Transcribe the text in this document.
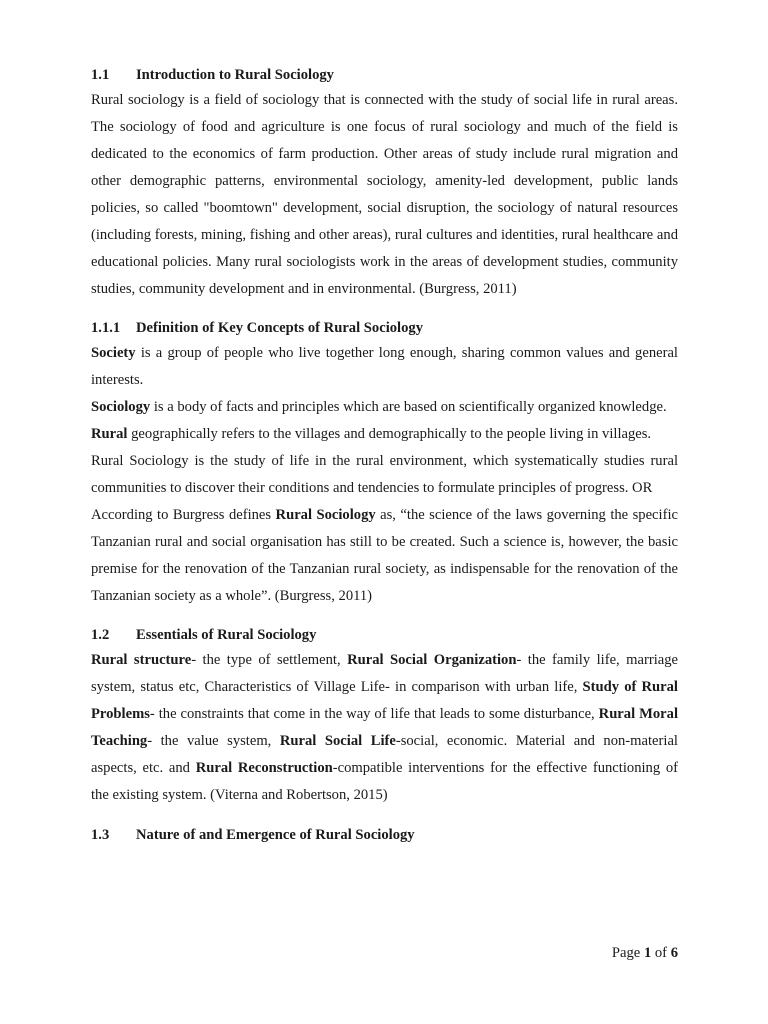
1.1 Introduction to Rural Sociology

Rural sociology is a field of sociology that is connected with the study of social life in rural areas. The sociology of food and agriculture is one focus of rural sociology and much of the field is dedicated to the economics of farm production. Other areas of study include rural migration and other demographic patterns, environmental sociology, amenity-led development, public lands policies, so called "boomtown" development, social disruption, the sociology of natural resources (including forests, mining, fishing and other areas), rural cultures and identities, rural healthcare and educational policies. Many rural sociologists work in the areas of development studies, community studies, community development and in environmental. (Burgress, 2011)

1.1.1 Definition of Key Concepts of Rural Sociology

Society is a group of people who live together long enough, sharing common values and general interests.

Sociology is a body of facts and principles which are based on scientifically organized knowledge.

Rural geographically refers to the villages and demographically to the people living in villages.

Rural Sociology is the study of life in the rural environment, which systematically studies rural communities to discover their conditions and tendencies to formulate principles of progress. OR

According to Burgress defines Rural Sociology as, “the science of the laws governing the specific Tanzanian rural and social organisation has still to be created. Such a science is, however, the basic premise for the renovation of the Tanzanian rural society, as indispensable for the renovation of the Tanzanian society as a whole”. (Burgress, 2011)

1.2 Essentials of Rural Sociology

Rural structure- the type of settlement, Rural Social Organization- the family life, marriage system, status etc, Characteristics of Village Life- in comparison with urban life, Study of Rural Problems- the constraints that come in the way of life that leads to some disturbance, Rural Moral Teaching- the value system, Rural Social Life-social, economic. Material and non-material aspects, etc. and Rural Reconstruction-compatible interventions for the effective functioning of the existing system. (Viterna and Robertson, 2015)

1.3 Nature of and Emergence of Rural Sociology

Page 1 of 6
